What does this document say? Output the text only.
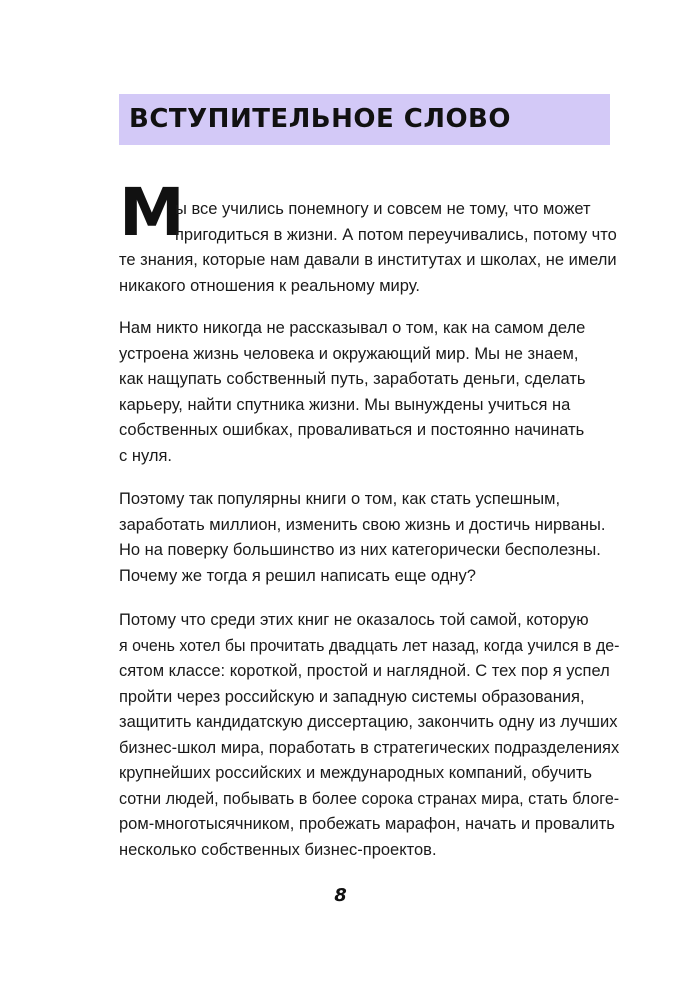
ВСТУПИТЕЛЬНОЕ СЛОВО
М
ы все учились понемногу и совсем не тому, что может
пригодиться в жизни. А потом переучивались, потому что
те знания, которые нам давали в институтах и школах, не имели
никакого отношения к реальному миру.
Нам никто никогда не рассказывал о том, как на самом деле
устроена жизнь человека и окружающий мир. Мы не знаем,
как нащупать собственный путь, заработать деньги, сделать
карьеру, найти спутника жизни. Мы вынуждены учиться на
собственных ошибках, проваливаться и постоянно начинать
с нуля.
Поэтому так популярны книги о том, как стать успешным,
заработать миллион, изменить свою жизнь и достичь нирваны.
Но на поверку большинство из них категорически бесполезны.
Почему же тогда я решил написать еще одну?
Потому что среди этих книг не оказалось той самой, которую
я очень хотел бы прочитать двадцать лет назад, когда учился в де-
сятом классе: короткой, простой и наглядной. С тех пор я успел
пройти через российскую и западную системы образования,
защитить кандидатскую диссертацию, закончить одну из лучших
бизнес-школ мира, поработать в стратегических подразделениях
крупнейших российских и международных компаний, обучить
сотни людей, побывать в более сорока странах мира, стать блоге-
ром-многотысячником, пробежать марафон, начать и провалить
несколько собственных бизнес-проектов.
8
